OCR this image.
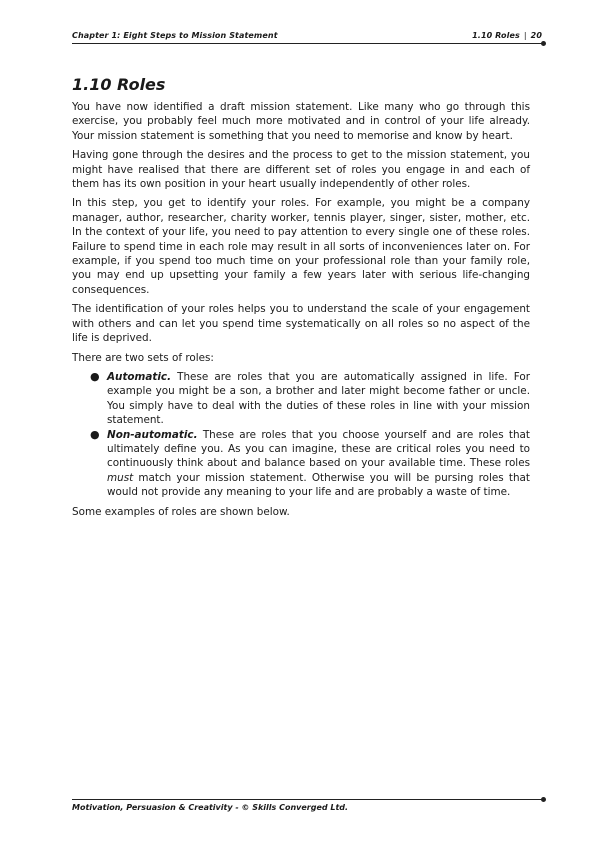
Chapter 1: Eight Steps to Mission Statement	1.10 Roles | 20
1.10 Roles

You have now identified a draft mission statement. Like many who go through this exercise, you probably feel much more motivated and in control of your life already. Your mission statement is something that you need to memorise and know by heart.

Having gone through the desires and the process to get to the mission statement, you might have realised that there are different set of roles you engage in and each of them has its own position in your heart usually independently of other roles.

In this step, you get to identify your roles. For example, you might be a company manager, author, researcher, charity worker, tennis player, singer, sister, mother, etc. In the context of your life, you need to pay attention to every single one of these roles. Failure to spend time in each role may result in all sorts of inconveniences later on. For example, if you spend too much time on your professional role than your family role, you may end up upsetting your family a few years later with serious life-changing consequences.

The identification of your roles helps you to understand the scale of your engagement with others and can let you spend time systematically on all roles so no aspect of the life is deprived.

There are two sets of roles:

● Automatic. These are roles that you are automatically assigned in life. For example you might be a son, a brother and later might become father or uncle. You simply have to deal with the duties of these roles in line with your mission statement.
● Non-automatic. These are roles that you choose yourself and are roles that ultimately define you. As you can imagine, these are critical roles you need to continuously think about and balance based on your available time. These roles must match your mission statement. Otherwise you will be pursing roles that would not provide any meaning to your life and are probably a waste of time.

Some examples of roles are shown below.

Motivation, Persuasion & Creativity - © Skills Converged Ltd.
